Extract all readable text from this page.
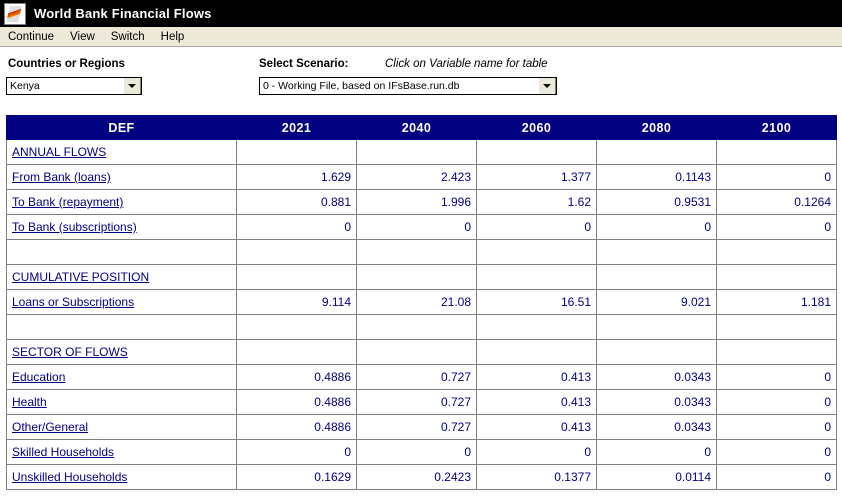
World Bank Financial Flows
Continue	View	Switch	Help
Countries or Regions	Select Scenario:	Click on Variable name for table
Kenya	0 - Working File, based on IFsBase.run.db
DEF	2021	2040	2060	2080	2100
ANNUAL FLOWS					
From Bank (loans)	1.629	2.423	1.377	0.1143	0
To Bank (repayment)	0.881	1.996	1.62	0.9531	0.1264
To Bank (subscriptions)	0	0	0	0	0

CUMULATIVE POSITION					
Loans or Subscriptions	9.114	21.08	16.51	9.021	1.181

SECTOR OF FLOWS					
Education	0.4886	0.727	0.413	0.0343	0
Health	0.4886	0.727	0.413	0.0343	0
Other/General	0.4886	0.727	0.413	0.0343	0
Skilled Households	0	0	0	0	0
Unskilled Households	0.1629	0.2423	0.1377	0.0114	0
